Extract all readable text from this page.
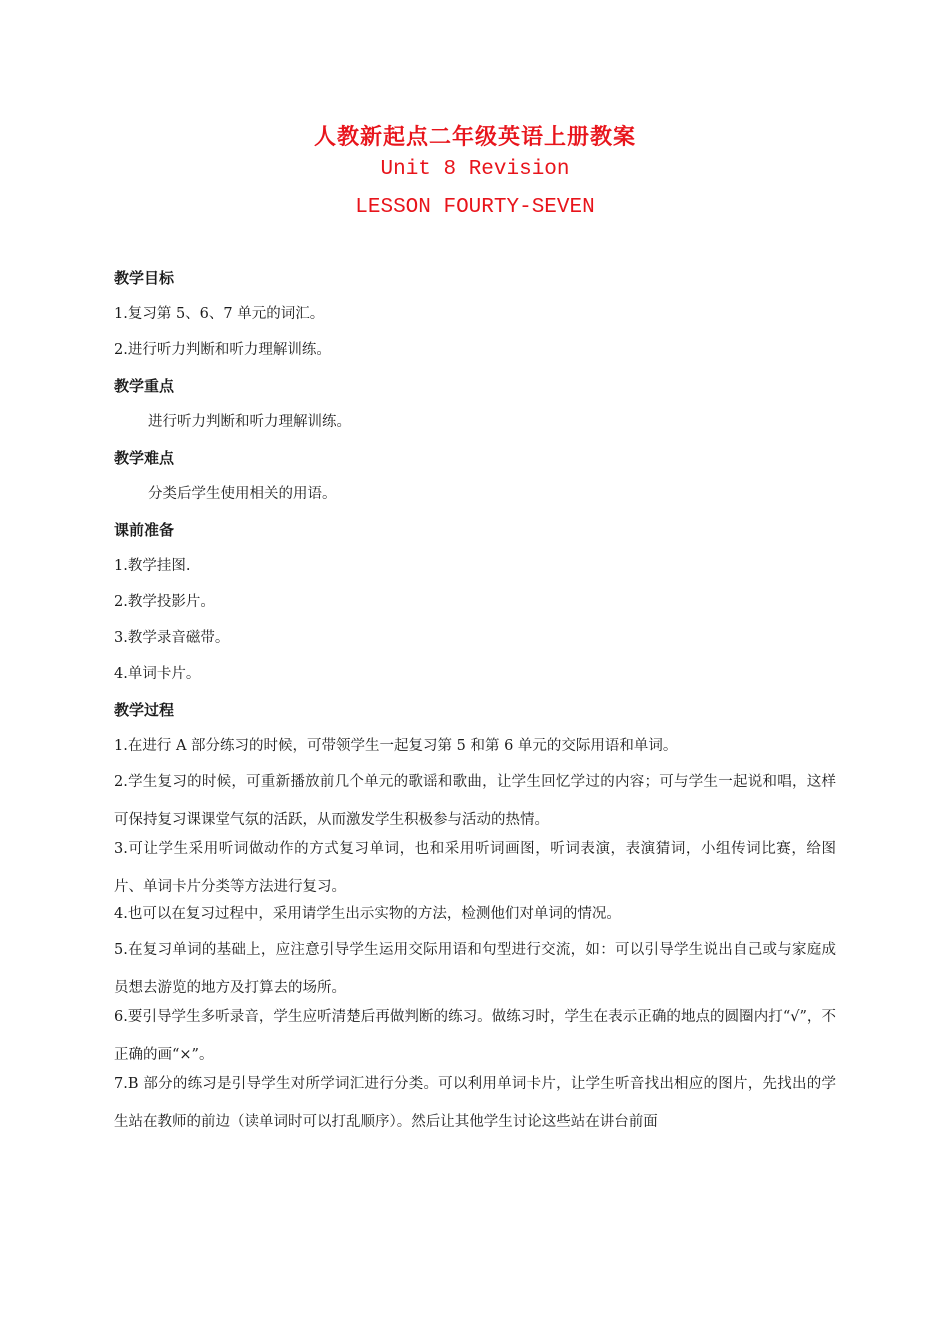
人教新起点二年级英语上册教案
Unit 8 Revision
LESSON FOURTY-SEVEN

教学目标

1.复习第 5、6、7 单元的词汇。

2.进行听力判断和听力理解训练。

教学重点

进行听力判断和听力理解训练。

教学难点

分类后学生使用相关的用语。

课前准备

1.教学挂图.

2.教学投影片。

3.教学录音磁带。

4.单词卡片。

教学过程

1.在进行 A 部分练习的时候，可带领学生一起复习第 5 和第 6 单元的交际用语和单词。

2.学生复习的时候，可重新播放前几个单元的歌谣和歌曲，让学生回忆学过的内容；可与学生一起说和唱，这样可保持复习课课堂气氛的活跃，从而激发学生积极参与活动的热情。

3.可让学生采用听词做动作的方式复习单词，也和采用听词画图，听词表演，表演猜词，小组传词比赛，给图片、单词卡片分类等方法进行复习。

4.也可以在复习过程中，采用请学生出示实物的方法，检测他们对单词的情况。

5.在复习单词的基础上，应注意引导学生运用交际用语和句型进行交流，如：可以引导学生说出自己或与家庭成员想去游览的地方及打算去的场所。

6.要引导学生多听录音，学生应听清楚后再做判断的练习。做练习时，学生在表示正确的地点的圆圈内打“√”，不正确的画“×”。

7.B 部分的练习是引导学生对所学词汇进行分类。可以利用单词卡片，让学生听音找出相应的图片，先找出的学生站在教师的前边（读单词时可以打乱顺序）。然后让其他学生讨论这些站在讲台前面
